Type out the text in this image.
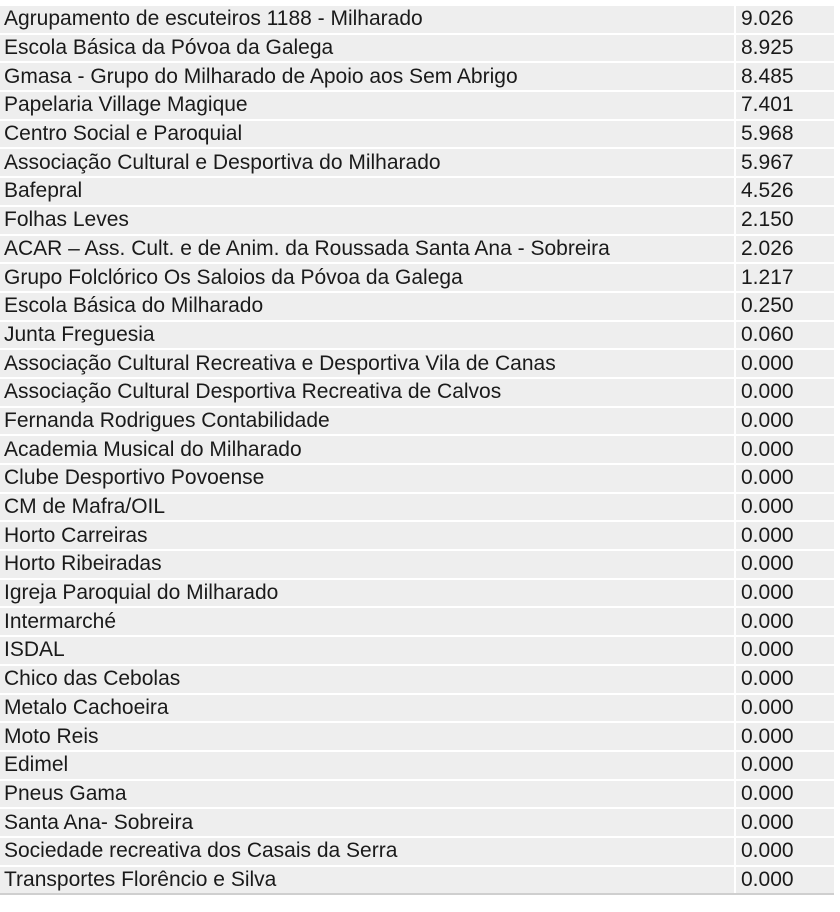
Agrupamento de escuteiros 1188 - Milharado	9.026
Escola Básica da Póvoa da Galega	8.925
Gmasa - Grupo do Milharado de Apoio aos Sem Abrigo	8.485
Papelaria Village Magique	7.401
Centro Social e Paroquial	5.968
Associação Cultural e Desportiva do Milharado	5.967
Bafepral	4.526
Folhas Leves	2.150
ACAR – Ass. Cult. e de Anim. da Roussada Santa Ana - Sobreira	2.026
Grupo Folclórico Os Saloios da Póvoa da Galega	1.217
Escola Básica do Milharado	0.250
Junta Freguesia	0.060
Associação Cultural Recreativa e Desportiva Vila de Canas	0.000
Associação Cultural Desportiva Recreativa de Calvos	0.000
Fernanda Rodrigues Contabilidade	0.000
Academia Musical do Milharado	0.000
Clube Desportivo Povoense	0.000
CM de Mafra/OIL	0.000
Horto Carreiras	0.000
Horto Ribeiradas	0.000
Igreja Paroquial do Milharado	0.000
Intermarché	0.000
ISDAL	0.000
Chico das Cebolas	0.000
Metalo Cachoeira	0.000
Moto Reis	0.000
Edimel	0.000
Pneus Gama	0.000
Santa Ana- Sobreira	0.000
Sociedade recreativa dos Casais da Serra	0.000
Transportes Florêncio e Silva	0.000
